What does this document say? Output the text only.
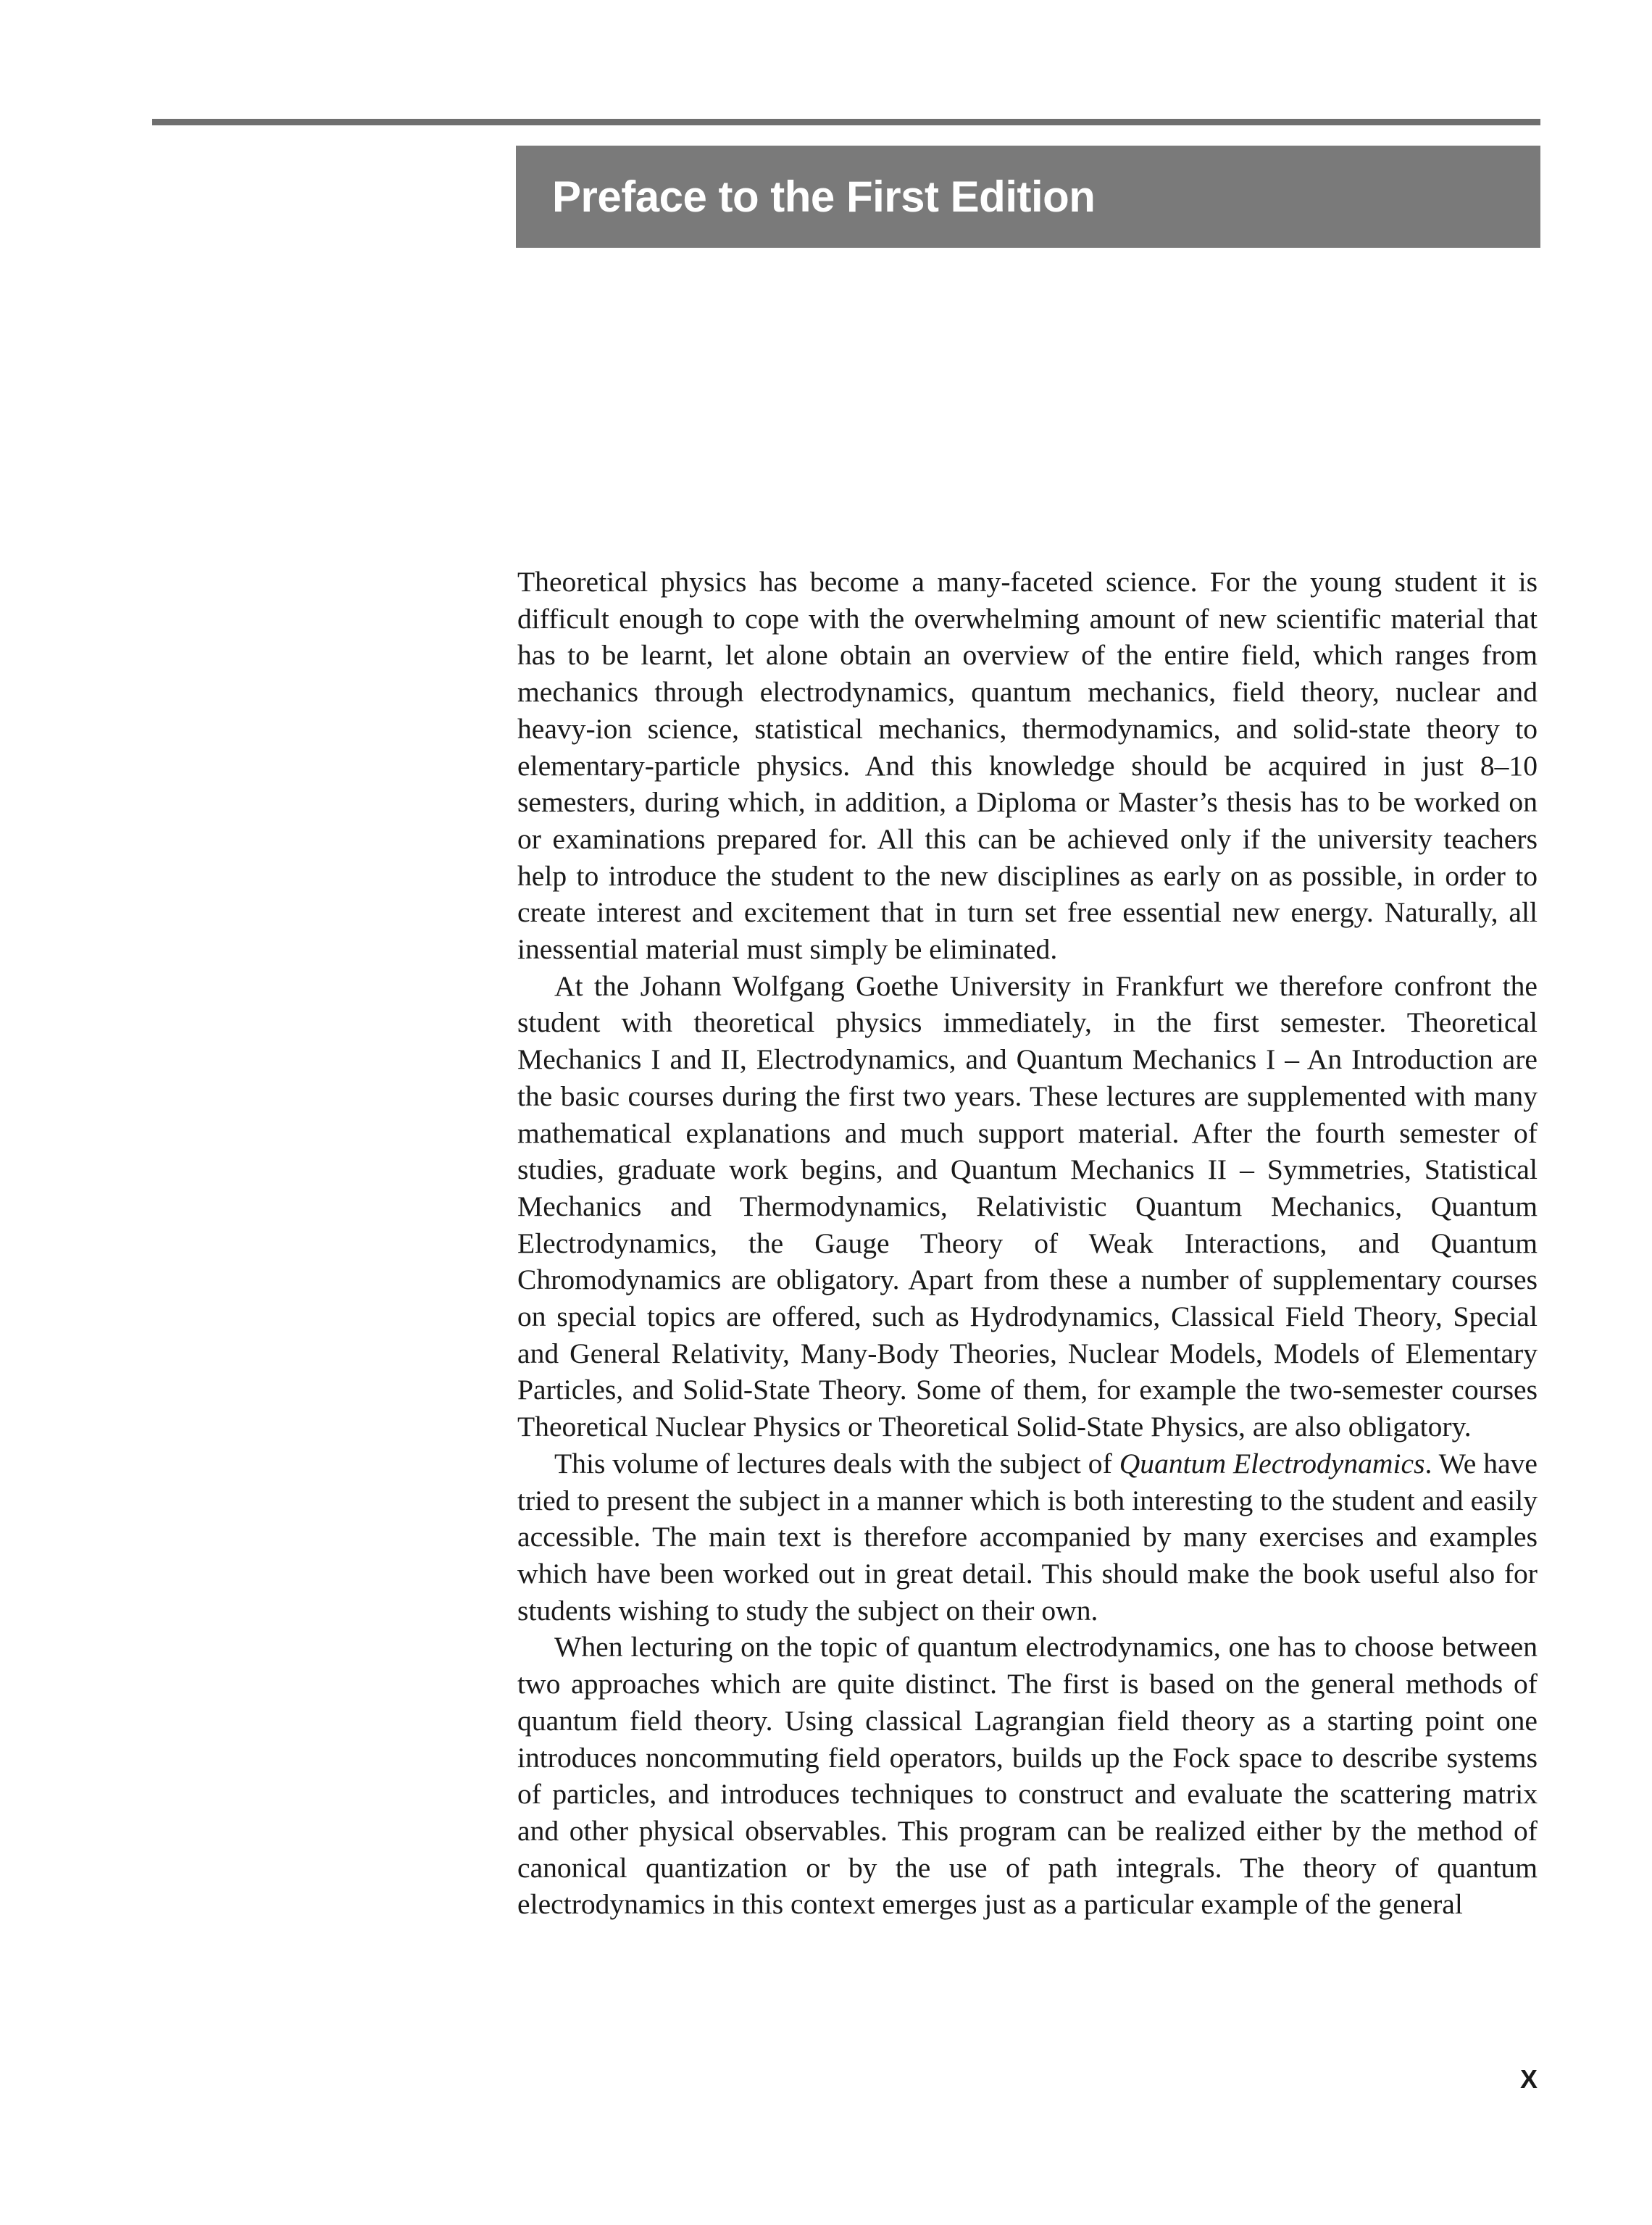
Preface to the First Edition

Theoretical physics has become a many-faceted science. For the young student it is difficult enough to cope with the overwhelming amount of new scientific material that has to be learnt, let alone obtain an overview of the entire field, which ranges from mechanics through electrodynamics, quantum mechanics, field theory, nuclear and heavy-ion science, statistical mechanics, thermodynamics, and solid-state theory to elementary-particle physics. And this knowledge should be acquired in just 8–10 semesters, during which, in addition, a Diploma or Master’s thesis has to be worked on or examinations prepared for. All this can be achieved only if the university teachers help to introduce the student to the new disciplines as early on as possible, in order to create interest and excitement that in turn set free essential new energy. Naturally, all inessential material must simply be eliminated.

At the Johann Wolfgang Goethe University in Frankfurt we therefore confront the student with theoretical physics immediately, in the first semester. Theoretical Mechanics I and II, Electrodynamics, and Quantum Mechanics I – An Introduction are the basic courses during the first two years. These lectures are supplemented with many mathematical explanations and much support material. After the fourth semester of studies, graduate work begins, and Quantum Mechanics II – Symmetries, Statistical Mechanics and Thermodynamics, Relativistic Quantum Mechanics, Quantum Electrodynamics, the Gauge Theory of Weak Interactions, and Quantum Chromodynamics are obligatory. Apart from these a number of supplementary courses on special topics are offered, such as Hydrodynamics, Classical Field Theory, Special and General Relativity, Many-Body Theories, Nuclear Models, Models of Elementary Particles, and Solid-State Theory. Some of them, for example the two-semester courses Theoretical Nuclear Physics or Theoretical Solid-State Physics, are also obligatory.

This volume of lectures deals with the subject of Quantum Electrodynamics. We have tried to present the subject in a manner which is both interesting to the student and easily accessible. The main text is therefore accompanied by many exercises and examples which have been worked out in great detail. This should make the book useful also for students wishing to study the subject on their own.

When lecturing on the topic of quantum electrodynamics, one has to choose between two approaches which are quite distinct. The first is based on the general methods of quantum field theory. Using classical Lagrangian field theory as a starting point one introduces noncommuting field operators, builds up the Fock space to describe systems of particles, and introduces techniques to construct and evaluate the scattering matrix and other physical observables. This program can be realized either by the method of canonical quantization or by the use of path integrals. The theory of quantum electrodynamics in this context emerges just as a particular example of the general

X
